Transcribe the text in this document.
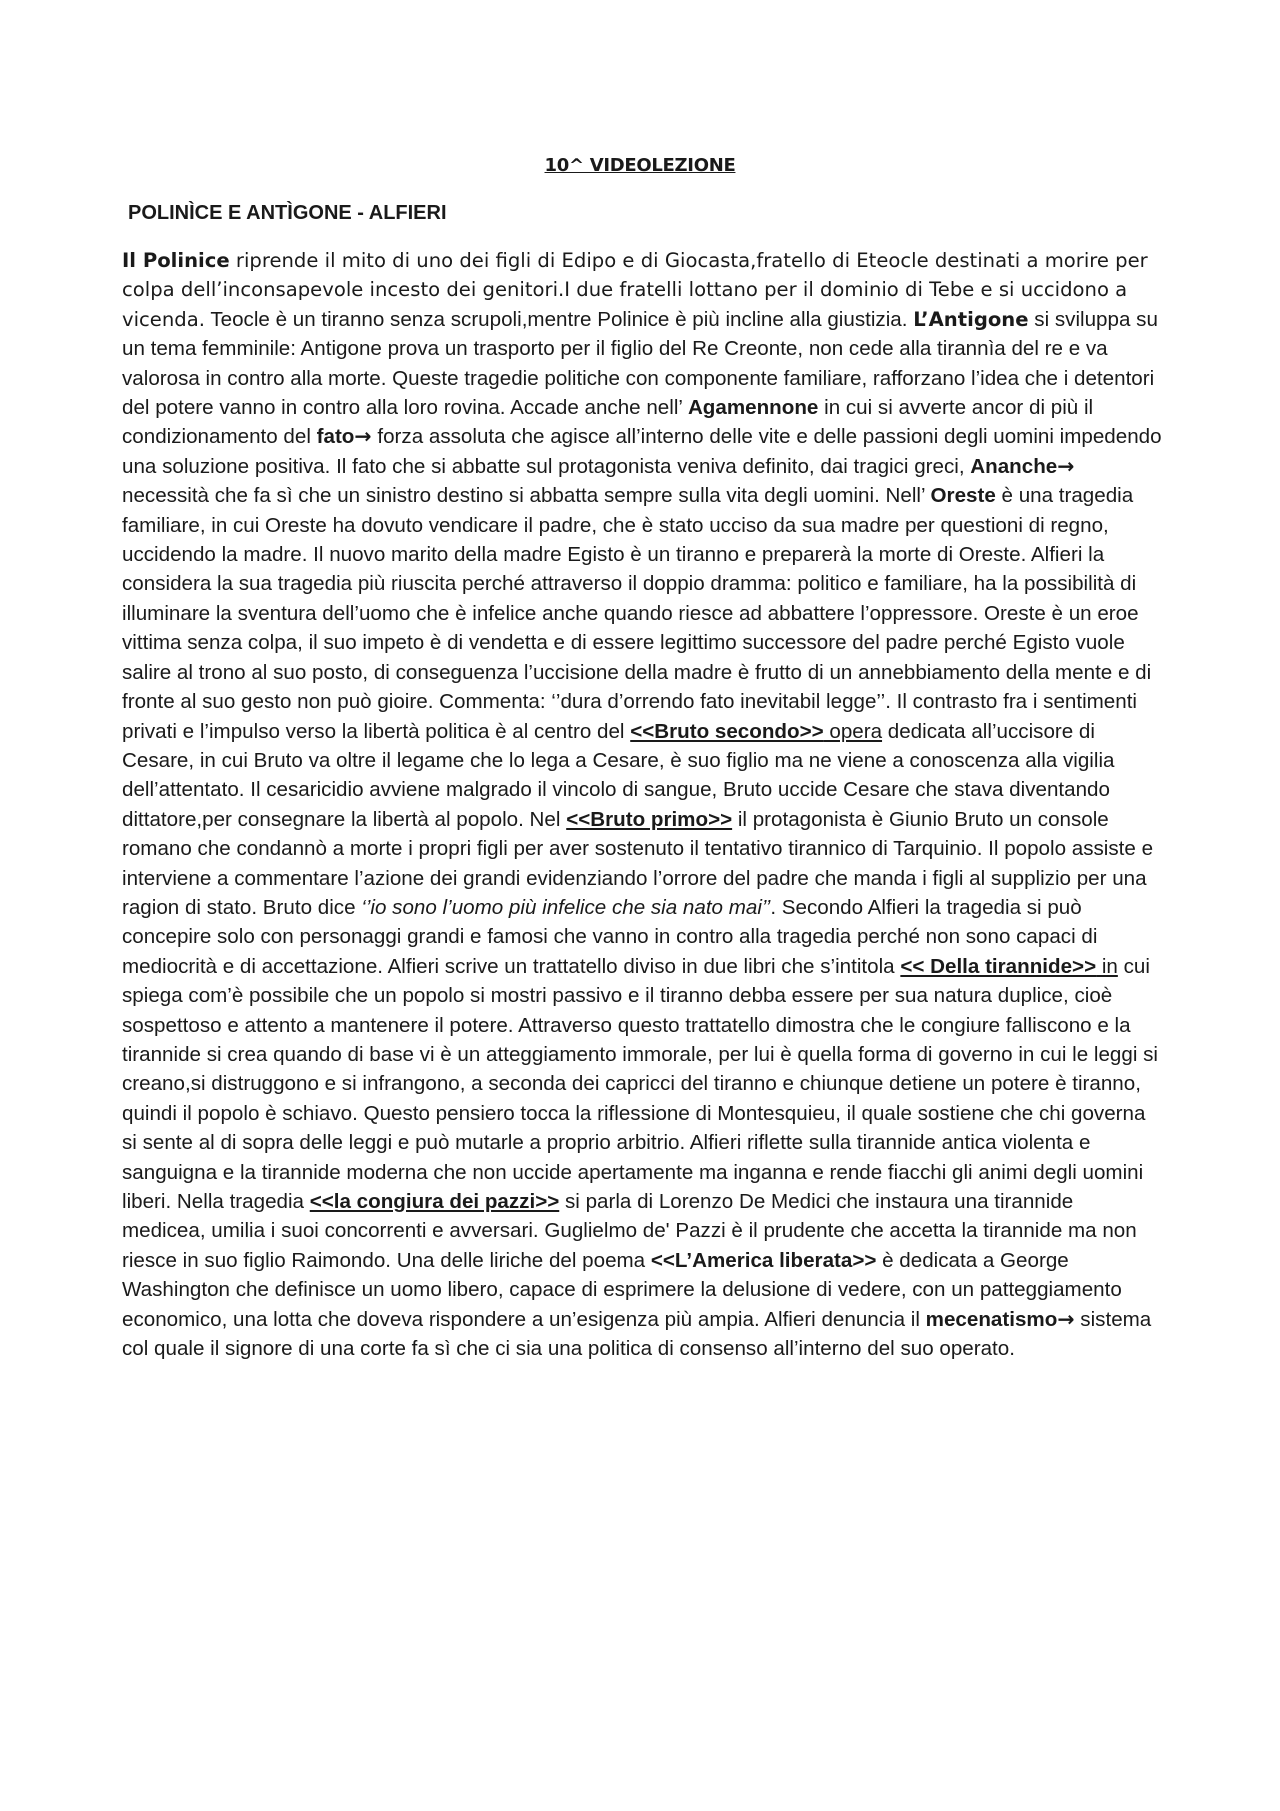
10^ VIDEOLEZIONE
POLINÌCE E ANTÌGONE - ALFIERI

Il Polinice riprende il mito di uno dei figli di Edipo e di Giocasta,fratello di Eteocle destinati a morire per colpa dell’inconsapevole incesto dei genitori.I due fratelli lottano per il dominio di Tebe e si uccidono a vicenda. Teocle è un tiranno senza scrupoli,mentre Polinice è più incline alla giustizia. L’Antigone si sviluppa su un tema femminile: Antigone prova un trasporto per il figlio del Re Creonte, non cede alla tirannìa del re e va valorosa in contro alla morte. Queste tragedie politiche con componente familiare, rafforzano l’idea che i detentori del potere vanno in contro alla loro rovina. Accade anche nell’ Agamennone in cui si avverte ancor di più il condizionamento del fato→ forza assoluta che agisce all’interno delle vite e delle passioni degli uomini impedendo una soluzione positiva. Il fato che si abbatte sul protagonista veniva definito, dai tragici greci, Ananche→ necessità che fa sì che un sinistro destino si abbatta sempre sulla vita degli uomini. Nell’ Oreste è una tragedia familiare, in cui Oreste ha dovuto vendicare il padre, che è stato ucciso da sua madre per questioni di regno, uccidendo la madre. Il nuovo marito della madre Egisto è un tiranno e preparerà la morte di Oreste. Alfieri la considera la sua tragedia più riuscita perché attraverso il doppio dramma: politico e familiare, ha la possibilità di illuminare la sventura dell’uomo che è infelice anche quando riesce ad abbattere l’oppressore. Oreste è un eroe vittima senza colpa, il suo impeto è di vendetta e di essere legittimo successore del padre perché Egisto vuole salire al trono al suo posto, di conseguenza l’uccisione della madre è frutto di un annebbiamento della mente e di fronte al suo gesto non può gioire. Commenta: ‘’dura d’orrendo fato inevitabil legge’’. Il contrasto fra i sentimenti privati e l’impulso verso la libertà politica è al centro del <<Bruto secondo>> opera dedicata all’uccisore di Cesare, in cui Bruto va oltre il legame che lo lega a Cesare, è suo figlio ma ne viene a conoscenza alla vigilia dell’attentato. Il cesaricidio avviene malgrado il vincolo di sangue, Bruto uccide Cesare che stava diventando dittatore,per consegnare la libertà al popolo. Nel <<Bruto primo>> il protagonista è Giunio Bruto un console romano che condannò a morte i propri figli per aver sostenuto il tentativo tirannico di Tarquinio. Il popolo assiste e interviene a commentare l’azione dei grandi evidenziando l’orrore del padre che manda i figli al supplizio per una ragion di stato. Bruto dice ‘’io sono l’uomo più infelice che sia nato mai’’. Secondo Alfieri la tragedia si può concepire solo con personaggi grandi e famosi che vanno in contro alla tragedia perché non sono capaci di mediocrità e di accettazione. Alfieri scrive un trattatello diviso in due libri che s’intitola << Della tirannide>> in cui spiega com’è possibile che un popolo si mostri passivo e il tiranno debba essere per sua natura duplice, cioè sospettoso e attento a mantenere il potere. Attraverso questo trattatello dimostra che le congiure falliscono e la tirannide si crea quando di base vi è un atteggiamento immorale, per lui è quella forma di governo in cui le leggi si creano,si distruggono e si infrangono, a seconda dei capricci del tiranno e chiunque detiene un potere è tiranno, quindi il popolo è schiavo. Questo pensiero tocca la riflessione di Montesquieu, il quale sostiene che chi governa si sente al di sopra delle leggi e può mutarle a proprio arbitrio. Alfieri riflette sulla tirannide antica violenta e sanguigna e la tirannide moderna che non uccide apertamente ma inganna e rende fiacchi gli animi degli uomini liberi. Nella tragedia <<la congiura dei pazzi>> si parla di Lorenzo De Medici che instaura una tirannide medicea, umilia i suoi concorrenti e avversari. Guglielmo de' Pazzi è il prudente che accetta la tirannide ma non riesce in suo figlio Raimondo. Una delle liriche del poema <<L’America liberata>> è dedicata a George Washington che definisce un uomo libero, capace di esprimere la delusione di vedere, con un patteggiamento economico, una lotta che doveva rispondere a un’esigenza più ampia. Alfieri denuncia il mecenatismo→ sistema col quale il signore di una corte fa sì che ci sia una politica di consenso all’interno del suo operato.
